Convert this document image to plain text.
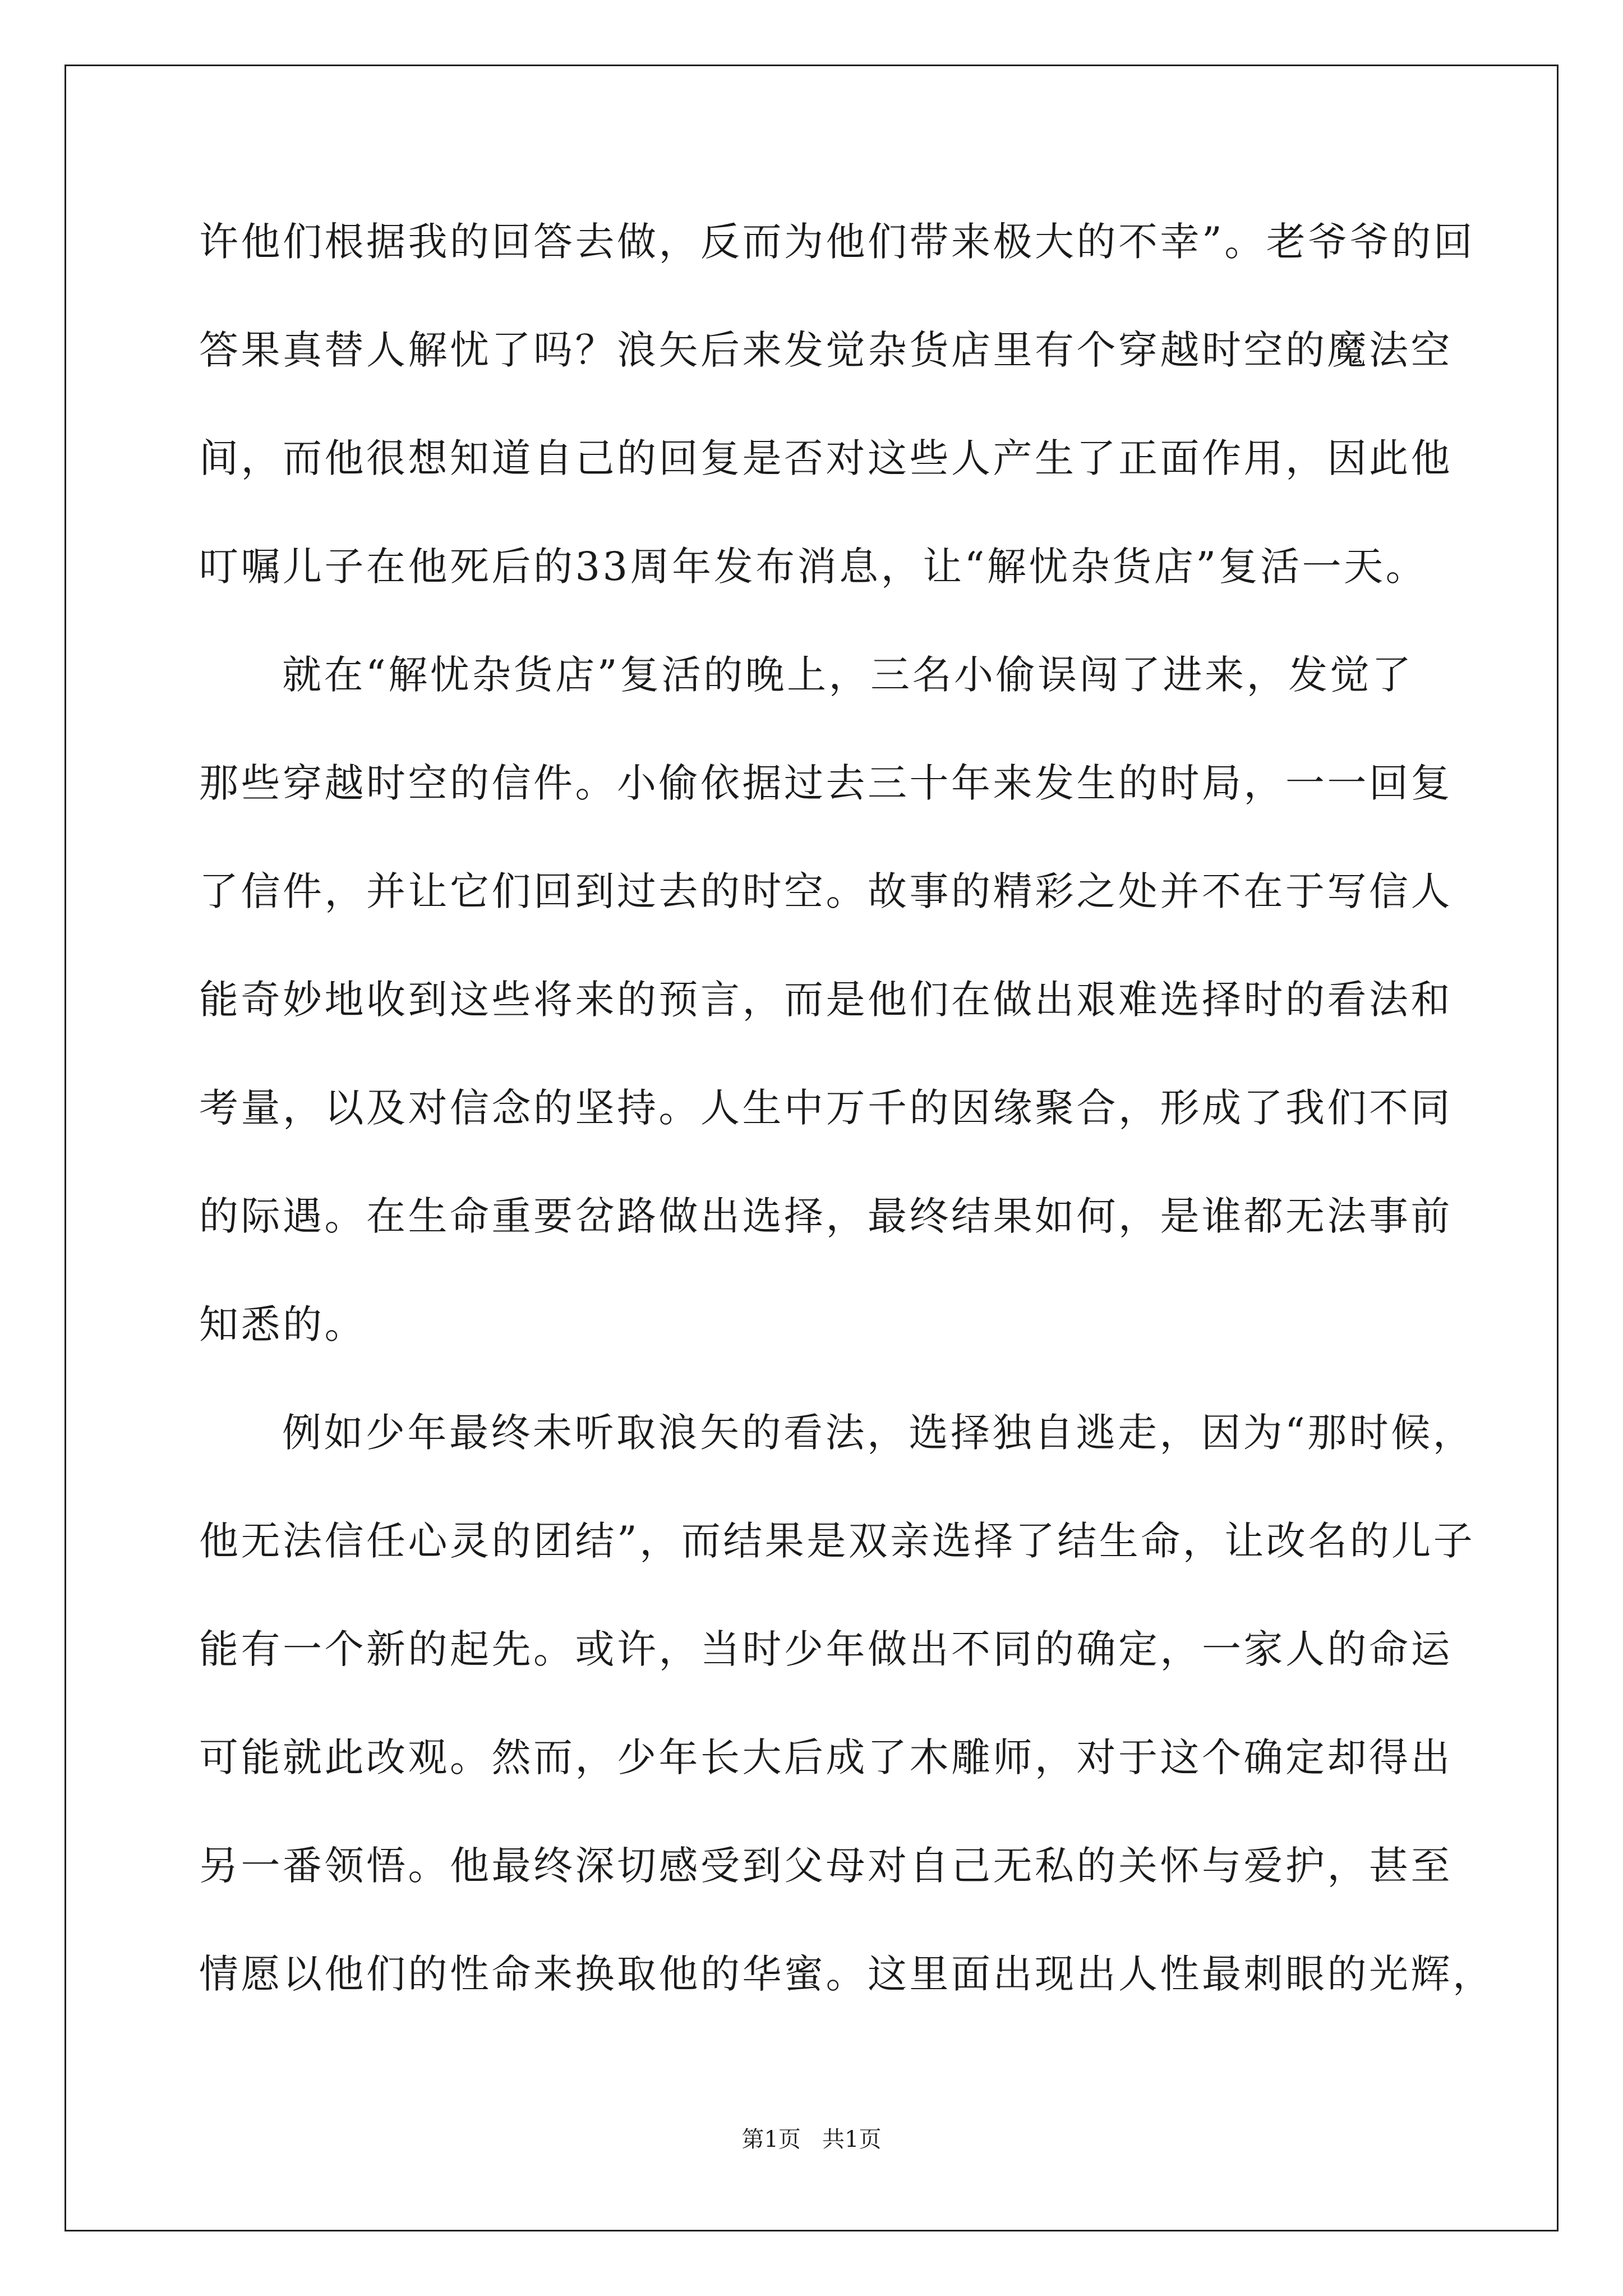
许他们根据我的回答去做，反而为他们带来极大的不幸”。老爷爷的回
答果真替人解忧了吗？浪矢后来发觉杂货店里有个穿越时空的魔法空
间，而他很想知道自己的回复是否对这些人产生了正面作用，因此他
叮嘱儿子在他死后的33周年发布消息，让“解忧杂货店”复活一天。
就在“解忧杂货店”复活的晚上，三名小偷误闯了进来，发觉了
那些穿越时空的信件。小偷依据过去三十年来发生的时局，一一回复
了信件，并让它们回到过去的时空。故事的精彩之处并不在于写信人
能奇妙地收到这些将来的预言，而是他们在做出艰难选择时的看法和
考量，以及对信念的坚持。人生中万千的因缘聚合，形成了我们不同
的际遇。在生命重要岔路做出选择，最终结果如何，是谁都无法事前
知悉的。
例如少年最终未听取浪矢的看法，选择独自逃走，因为“那时候，
他无法信任心灵的团结”，而结果是双亲选择了结生命，让改名的儿子
能有一个新的起先。或许，当时少年做出不同的确定，一家人的命运
可能就此改观。然而，少年长大后成了木雕师，对于这个确定却得出
另一番领悟。他最终深切感受到父母对自己无私的关怀与爱护，甚至
情愿以他们的性命来换取他的华蜜。这里面出现出人性最刺眼的光辉，
第1页   共1页
